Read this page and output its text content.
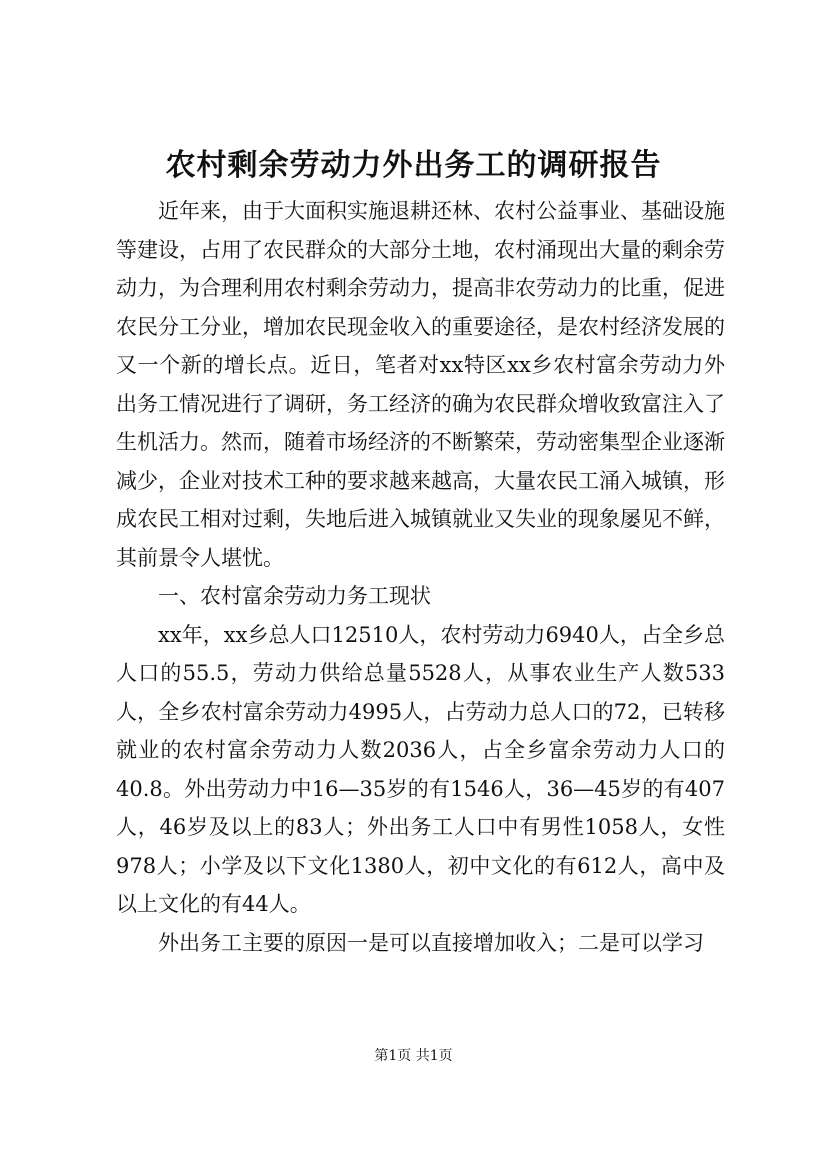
农村剩余劳动力外出务工的调研报告

近年来，由于大面积实施退耕还林、农村公益事业、基础设施等建设，占用了农民群众的大部分土地，农村涌现出大量的剩余劳动力，为合理利用农村剩余劳动力，提高非农劳动力的比重，促进农民分工分业，增加农民现金收入的重要途径，是农村经济发展的又一个新的增长点。近日，笔者对xx特区xx乡农村富余劳动力外出务工情况进行了调研，务工经济的确为农民群众增收致富注入了生机活力。然而，随着市场经济的不断繁荣，劳动密集型企业逐渐减少，企业对技术工种的要求越来越高，大量农民工涌入城镇，形成农民工相对过剩，失地后进入城镇就业又失业的现象屡见不鲜，其前景令人堪忧。

一、农村富余劳动力务工现状

xx年，xx乡总人口12510人，农村劳动力6940人，占全乡总人口的55.5，劳动力供给总量5528人，从事农业生产人数533人，全乡农村富余劳动力4995人，占劳动力总人口的72，已转移就业的农村富余劳动力人数2036人，占全乡富余劳动力人口的40.8。外出劳动力中16—35岁的有1546人，36—45岁的有407人，46岁及以上的83人；外出务工人口中有男性1058人，女性978人；小学及以下文化1380人，初中文化的有612人，高中及以上文化的有44人。

外出务工主要的原因一是可以直接增加收入；二是可以学习

第1页 共1页
